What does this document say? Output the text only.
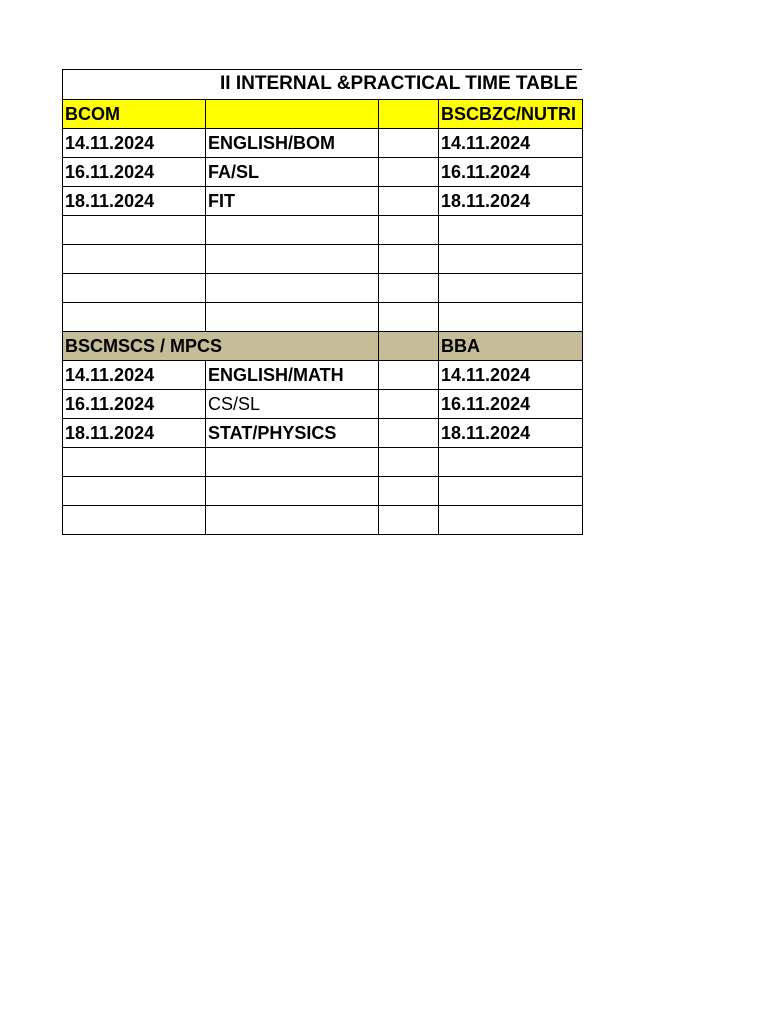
II INTERNAL &PRACTICAL TIME TABLE
BCOM			BSCBZC/NUTRI
14.11.2024	ENGLISH/BOM		14.11.2024
16.11.2024	FA/SL		16.11.2024
18.11.2024	FIT		18.11.2024

BSCMSCS / MPCS			BBA
14.11.2024	ENGLISH/MATH		14.11.2024
16.11.2024	CS/SL		16.11.2024
18.11.2024	STAT/PHYSICS		18.11.2024
